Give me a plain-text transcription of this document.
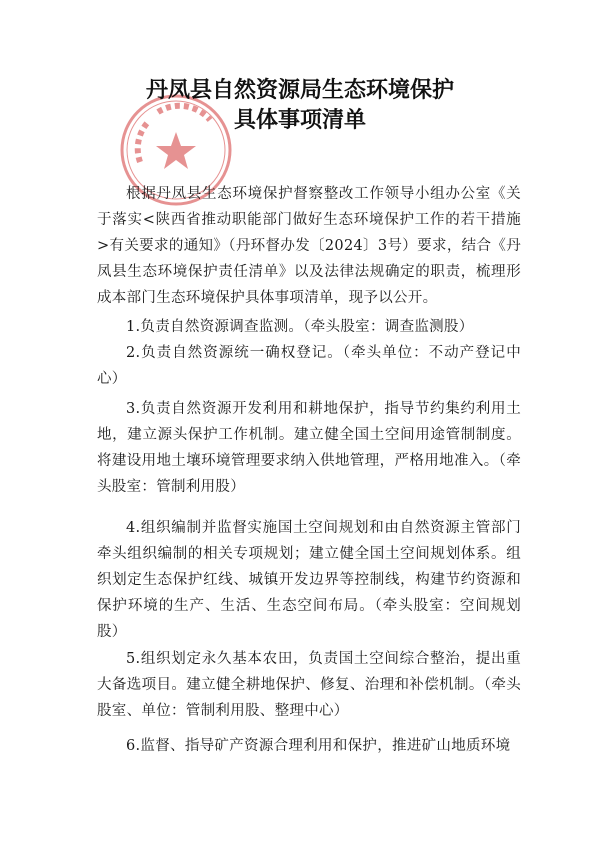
丹凤县自然资源局生态环境保护
具体事项清单
根据丹凤县生态环境保护督察整改工作领导小组办公室《关于落实<陕西省推动职能部门做好生态环境保护工作的若干措施>有关要求的通知》（丹环督办发〔2024〕3号）要求，结合《丹凤县生态环境保护责任清单》以及法律法规确定的职责，梳理形成本部门生态环境保护具体事项清单，现予以公开。
1.负责自然资源调查监测。（牵头股室：调查监测股）
2.负责自然资源统一确权登记。（牵头单位：不动产登记中心）
3.负责自然资源开发利用和耕地保护，指导节约集约利用土地，建立源头保护工作机制。建立健全国土空间用途管制制度。将建设用地土壤环境管理要求纳入供地管理，严格用地准入。（牵头股室：管制利用股）
4.组织编制并监督实施国土空间规划和由自然资源主管部门牵头组织编制的相关专项规划；建立健全国土空间规划体系。组织划定生态保护红线、城镇开发边界等控制线，构建节约资源和保护环境的生产、生活、生态空间布局。（牵头股室：空间规划股）
5.组织划定永久基本农田，负责国土空间综合整治，提出重大备选项目。建立健全耕地保护、修复、治理和补偿机制。（牵头股室、单位：管制利用股、整理中心）
6.监督、指导矿产资源合理利用和保护，推进矿山地质环境
